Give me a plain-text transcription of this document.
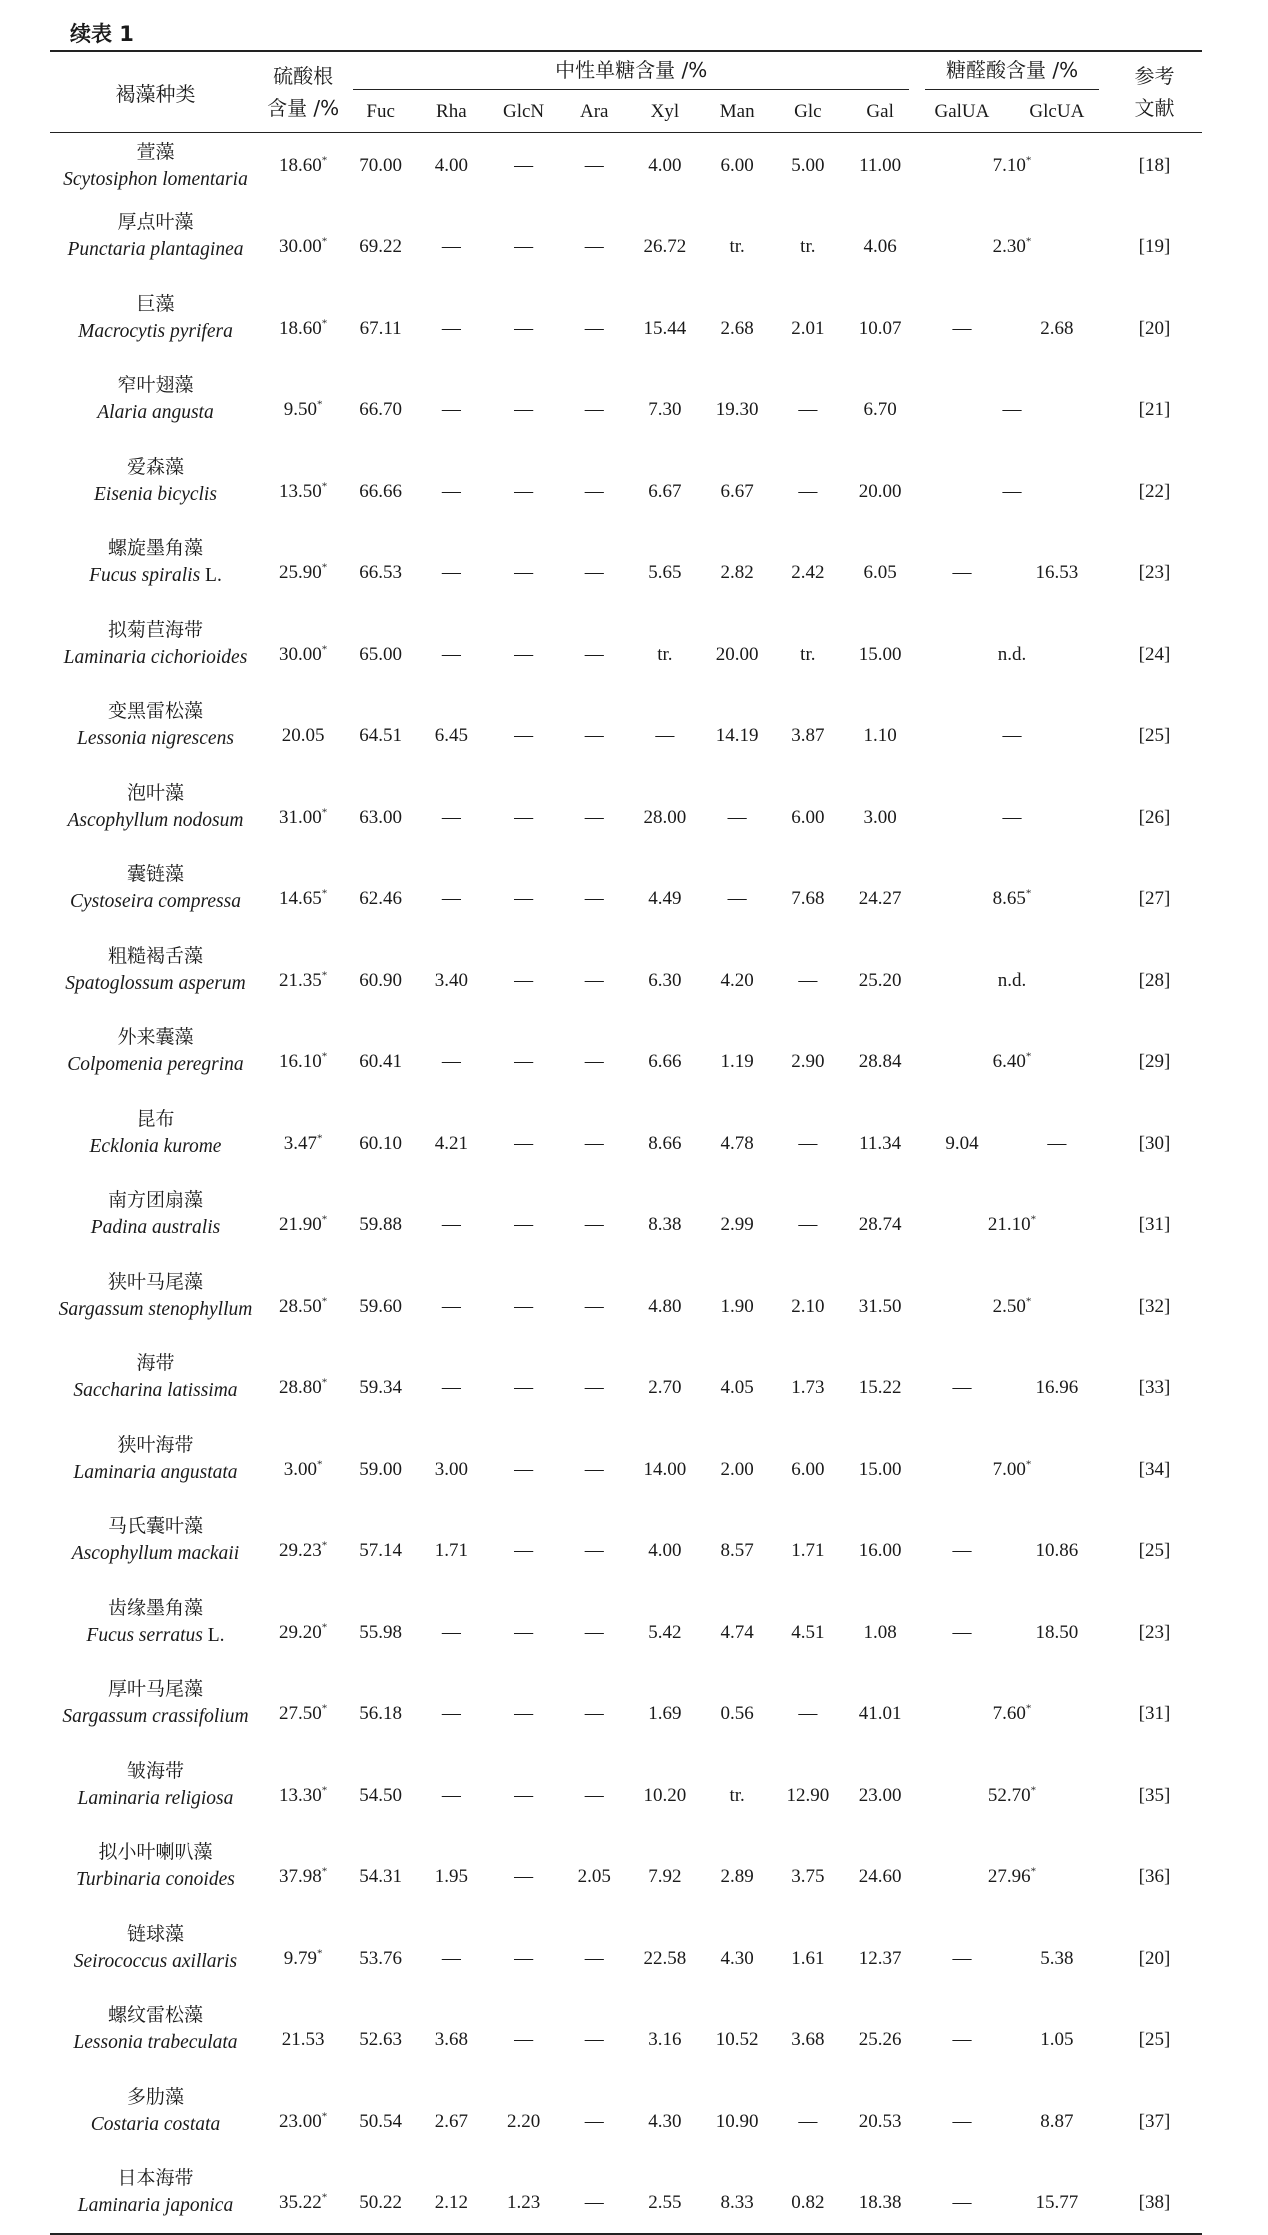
续表 1
褐藻种类	硫酸根
含量 /%	中性单糖含量 /%								糖醛酸含量 /%		参考
文献

		Fuc	Rha	GlcN	Ara	Xyl	Man	Glc	Gal	GalUA	GlcUA	

萱藻
Scytosiphon lomentaria	18.60*	70.00	4.00	—	—	4.00	6.00	5.00	11.00	7.10*		[18]

厚点叶藻
Punctaria plantaginea	30.00*	69.22	—	—	—	26.72	tr.	tr.	4.06	2.30*		[19]

巨藻
Macrocytis pyrifera	18.60*	67.11	—	—	—	15.44	2.68	2.01	10.07	—	2.68	[20]

窄叶翅藻
Alaria angusta	9.50*	66.70	—	—	—	7.30	19.30	—	6.70	—		[21]

爱森藻
Eisenia bicyclis	13.50*	66.66	—	—	—	6.67	6.67	—	20.00	—		[22]

螺旋墨角藻
Fucus spiralis L.	25.90*	66.53	—	—	—	5.65	2.82	2.42	6.05	—	16.53	[23]

拟菊苣海带
Laminaria cichorioides	30.00*	65.00	—	—	—	tr.	20.00	tr.	15.00	n.d.		[24]

变黑雷松藻
Lessonia nigrescens	20.05	64.51	6.45	—	—	—	14.19	3.87	1.10	—		[25]

泡叶藻
Ascophyllum nodosum	31.00*	63.00	—	—	—	28.00	—	6.00	3.00	—		[26]

囊链藻
Cystoseira compressa	14.65*	62.46	—	—	—	4.49	—	7.68	24.27	8.65*		[27]

粗糙褐舌藻
Spatoglossum asperum	21.35*	60.90	3.40	—	—	6.30	4.20	—	25.20	n.d.		[28]

外来囊藻
Colpomenia peregrina	16.10*	60.41	—	—	—	6.66	1.19	2.90	28.84	6.40*		[29]

昆布
Ecklonia kurome	3.47*	60.10	4.21	—	—	8.66	4.78	—	11.34	9.04	—	[30]

南方团扇藻
Padina australis	21.90*	59.88	—	—	—	8.38	2.99	—	28.74	21.10*		[31]

狭叶马尾藻
Sargassum stenophyllum	28.50*	59.60	—	—	—	4.80	1.90	2.10	31.50	2.50*		[32]

海带
Saccharina latissima	28.80*	59.34	—	—	—	2.70	4.05	1.73	15.22	—	16.96	[33]

狭叶海带
Laminaria angustata	3.00*	59.00	3.00	—	—	14.00	2.00	6.00	15.00	7.00*		[34]

马氏囊叶藻
Ascophyllum mackaii	29.23*	57.14	1.71	—	—	4.00	8.57	1.71	16.00	—	10.86	[25]

齿缘墨角藻
Fucus serratus L.	29.20*	55.98	—	—	—	5.42	4.74	4.51	1.08	—	18.50	[23]

厚叶马尾藻
Sargassum crassifolium	27.50*	56.18	—	—	—	1.69	0.56	—	41.01	7.60*		[31]

皱海带
Laminaria religiosa	13.30*	54.50	—	—	—	10.20	tr.	12.90	23.00	52.70*		[35]

拟小叶喇叭藻
Turbinaria conoides	37.98*	54.31	1.95	—	2.05	7.92	2.89	3.75	24.60	27.96*		[36]

链球藻
Seirococcus axillaris	9.79*	53.76	—	—	—	22.58	4.30	1.61	12.37	—	5.38	[20]

螺纹雷松藻
Lessonia trabeculata	21.53	52.63	3.68	—	—	3.16	10.52	3.68	25.26	—	1.05	[25]

多肋藻
Costaria costata	23.00*	50.54	2.67	2.20	—	4.30	10.90	—	20.53	—	8.87	[37]

日本海带
Laminaria japonica	35.22*	50.22	2.12	1.23	—	2.55	8.33	0.82	18.38	—	15.77	[38]
